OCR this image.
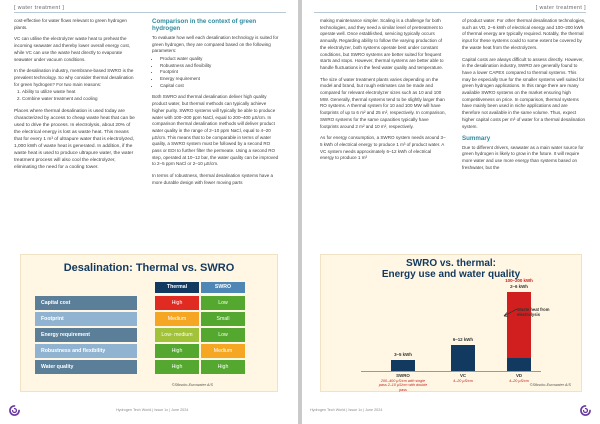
[ water treatment ]

cost-effective for water flows relevant to green hydrogen plants.

VC can utilise the electrolyzer waste heat to preheat the incoming seawater and thereby lower overall energy cost, while VC can use the waste heat directly to evaporate seawater under vacuum conditions.

In the desalination industry, membrane-based SWRO is the prevalent technology. So why consider thermal desalination for green hydrogen? For two main reasons:

1. Ability to utilize waste heat
2. Combine water treatment and cooling

Places where thermal desalination is used today are characterized by access to cheap waste heat that can be used to drive the process. In electrolysis, about 20% of the electrical energy is lost as waste heat. This means that for every 1 m³ of ultrapure water that is electrolyzed, 1,000 kWh of waste heat is generated. In addition, if the waste heat is used to produce ultrapure water, the water treatment process will also cool the electrolyzer, eliminating the need for a cooling tower.

Comparison in the context of green hydrogen

To evaluate how well each desalination technology is suited for green hydrogen, they are compared based on the following parameters:

• Product water quality
• Robustness and flexibility
• Footprint
• Energy requirement
• Capital cost

Both SWRO and thermal desalination deliver high quality product water, but thermal methods can typically achieve higher purity. SWRO systems will typically be able to produce water with 100–200 ppm NaCl, equal to 200–400 µS/cm. In comparison thermal desalination methods will deliver product water quality in the range of 2–10 ppm NaCl, equal to 4–20 µS/cm. This means that to be comparable in terms of water quality, a SWRO system must be followed by a second RO pass or EDI to further filter the permeate. Using a second RO step, operated at 10–12 bar, the water quality can be improved to 2–5 ppm NaCl or 2–10 µS/cm.

In terms of robustness, thermal desalination systems have a more durable design with fewer moving parts

Desalination: Thermal vs. SWRO
Thermal	SWRO
Capital cost	High	Low
Footprint	Medium	Small
Energy requirement	Low- medium	Low
Robustness and flexibility	High	Medium
Water quality	High	High
©Sfbsrko-Eurowater A/S
Hydrogen Tech World | Issue 1x | June 2024
[ water treatment ]

making maintenance simpler. Scaling is a challenge for both technologies, and they need a similar level of pretreatment to operate well. Once established, servicing typically occurs annually. Regarding ability to follow the varying production of the electrolyzer, both systems operate best under constant conditions, but SWRO systems are better suited for frequent starts and stops. However, thermal systems are better able to handle fluctuations in the feed water quality and temperature.

The size of water treatment plants varies depending on the model and brand, but rough estimates can be made and compared for relevant electrolyzer sizes such as 10 and 100 MW. Generally, thermal systems tend to be slightly larger than RO systems. A thermal system for 10 and 100 MW will have footprints of up to 6 m² and 25 m², respectively. In comparison, SWRO systems for the same capacities typically have footprints around 2 m² and 10 m², respectively.

As for energy consumption, a SWRO system needs around 3–5 kWh of electrical energy to produce 1 m³ of product water. A VC system needs approximately 6–12 kWh of electrical energy to produce 1 m³

of product water. For other thermal desalination technologies, such as VD, 2–6 kWh of electrical energy and 100–200 kWh of thermal energy are typically required. Notably, the thermal input for these systems could to some extent be covered by the waste heat from the electrolyzers.

Capital costs are always difficult to assess directly. However, in the desalination industry, SWRO are generally found to have a lower CAPEX compared to thermal systems. This may be especially true for the smaller systems well suited for green hydrogen applications. In this range there are many available SWRO systems on the market ensuring high competitiveness on price. In comparison, thermal systems have mainly been used in niche applications and are therefore not available in the same volume. Thus, expect higher capital costs per m³ of water for a thermal desalination system.

Summary

Due to different drivers, seawater as a main water source for green hydrogen is likely to grow in the future. It will require more water and use more energy than systems based on freshwater, but the

SWRO vs. thermal:
Energy use and water quality
3–5 kWh
SWRO
200–400 µS/cm with single pass 2–10 µS/cm with double pass
6–12 kWh
VC
4–20 µS/cm
100–200 kWh
2–6 kWh
VD
4–20 µS/cm
Waste heat from electrolysis
©Sfbsrko-Eurowater A/S
Hydrogen Tech World | Issue 1x | June 2024
